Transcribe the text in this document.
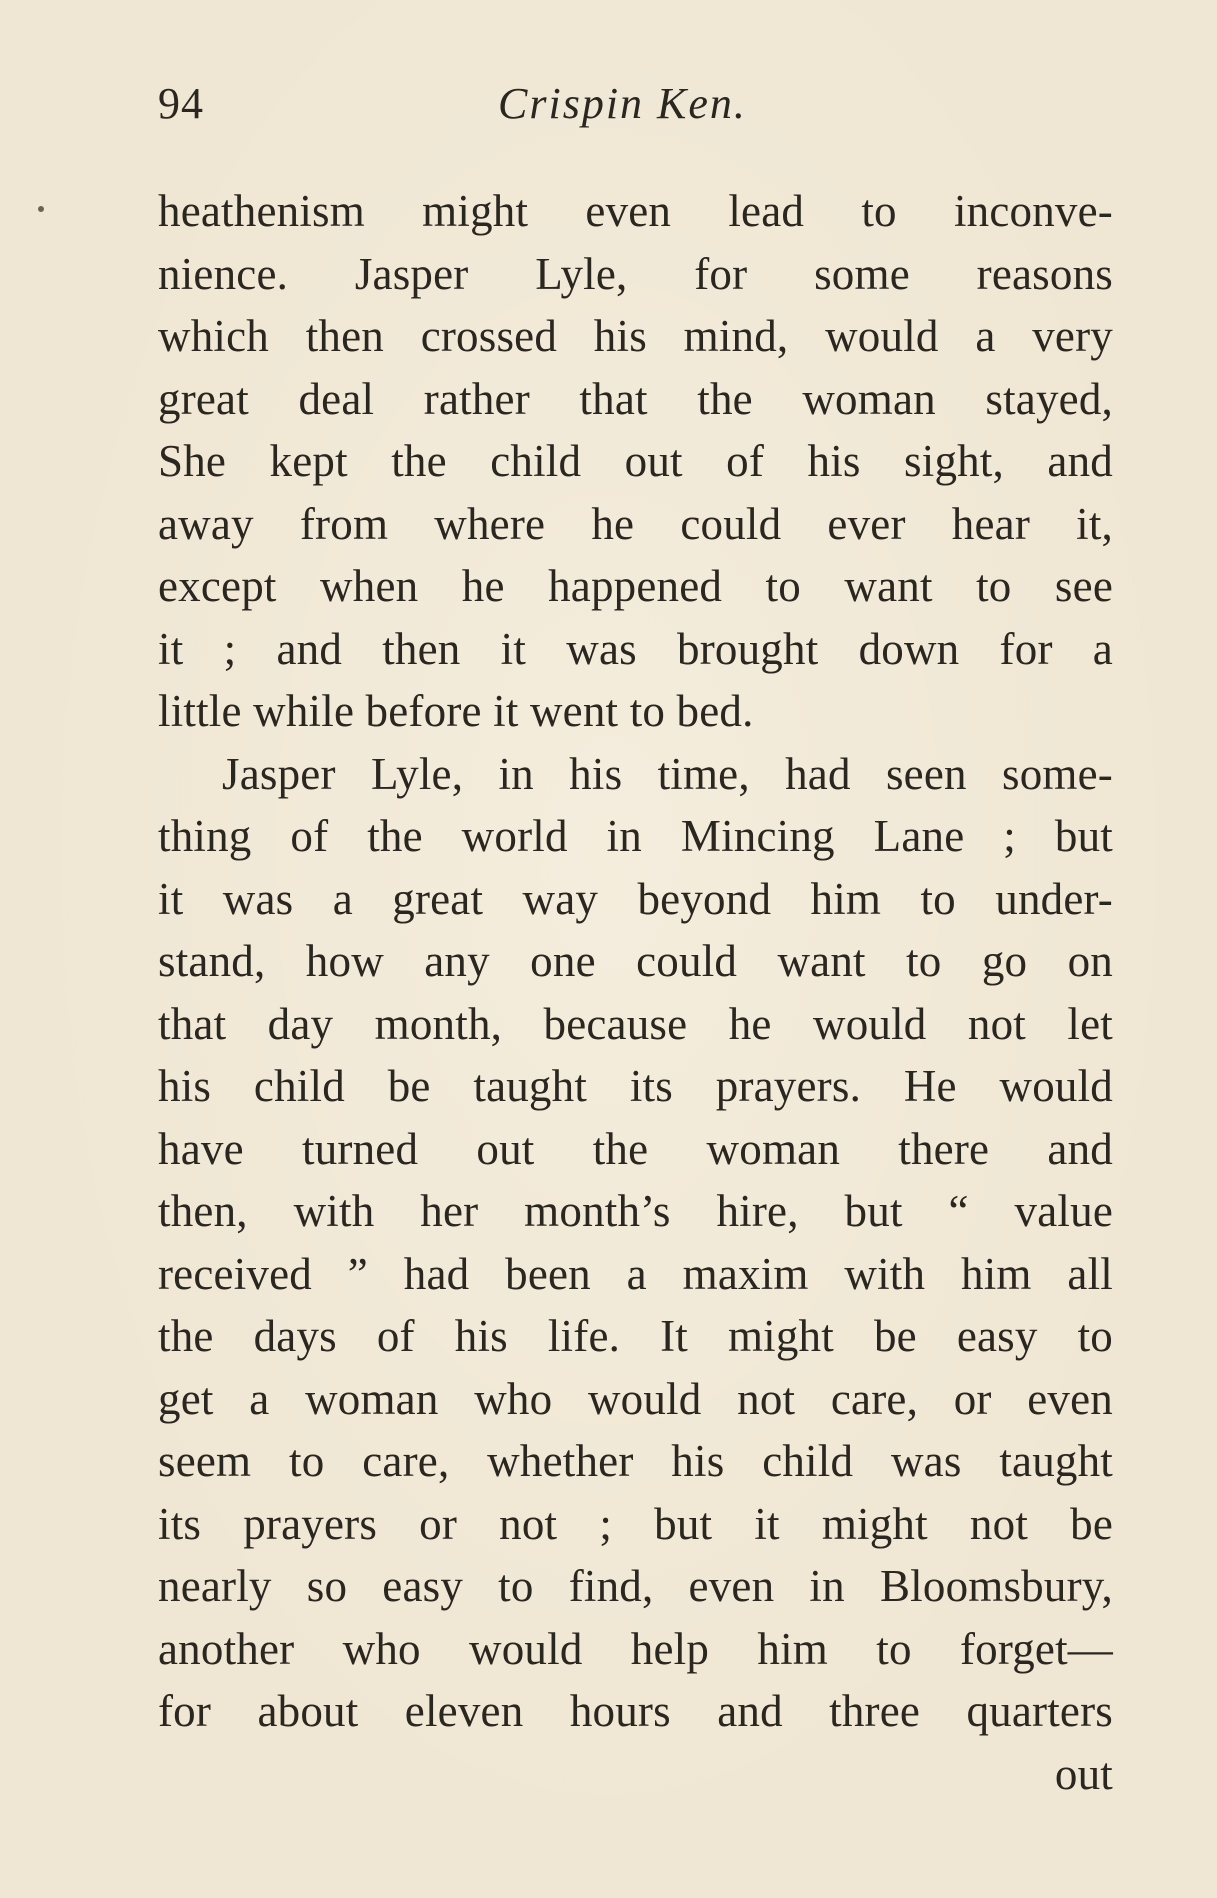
94	Crispin Ken.
heathenism might even lead to inconve-
nience. Jasper Lyle, for some reasons
which then crossed his mind, would a very
great deal rather that the woman stayed,
She kept the child out of his sight, and
away from where he could ever hear it,
except when he happened to want to see
it ; and then it was brought down for a
little while before it went to bed.
Jasper Lyle, in his time, had seen some-
thing of the world in Mincing Lane ; but
it was a great way beyond him to under-
stand, how any one could want to go on
that day month, because he would not let
his child be taught its prayers. He would
have turned out the woman there and
then, with her month’s hire, but “ value
received ” had been a maxim with him all
the days of his life. It might be easy to
get a woman who would not care, or even
seem to care, whether his child was taught
its prayers or not ; but it might not be
nearly so easy to find, even in Bloomsbury,
another who would help him to forget—
for about eleven hours and three quarters
out
